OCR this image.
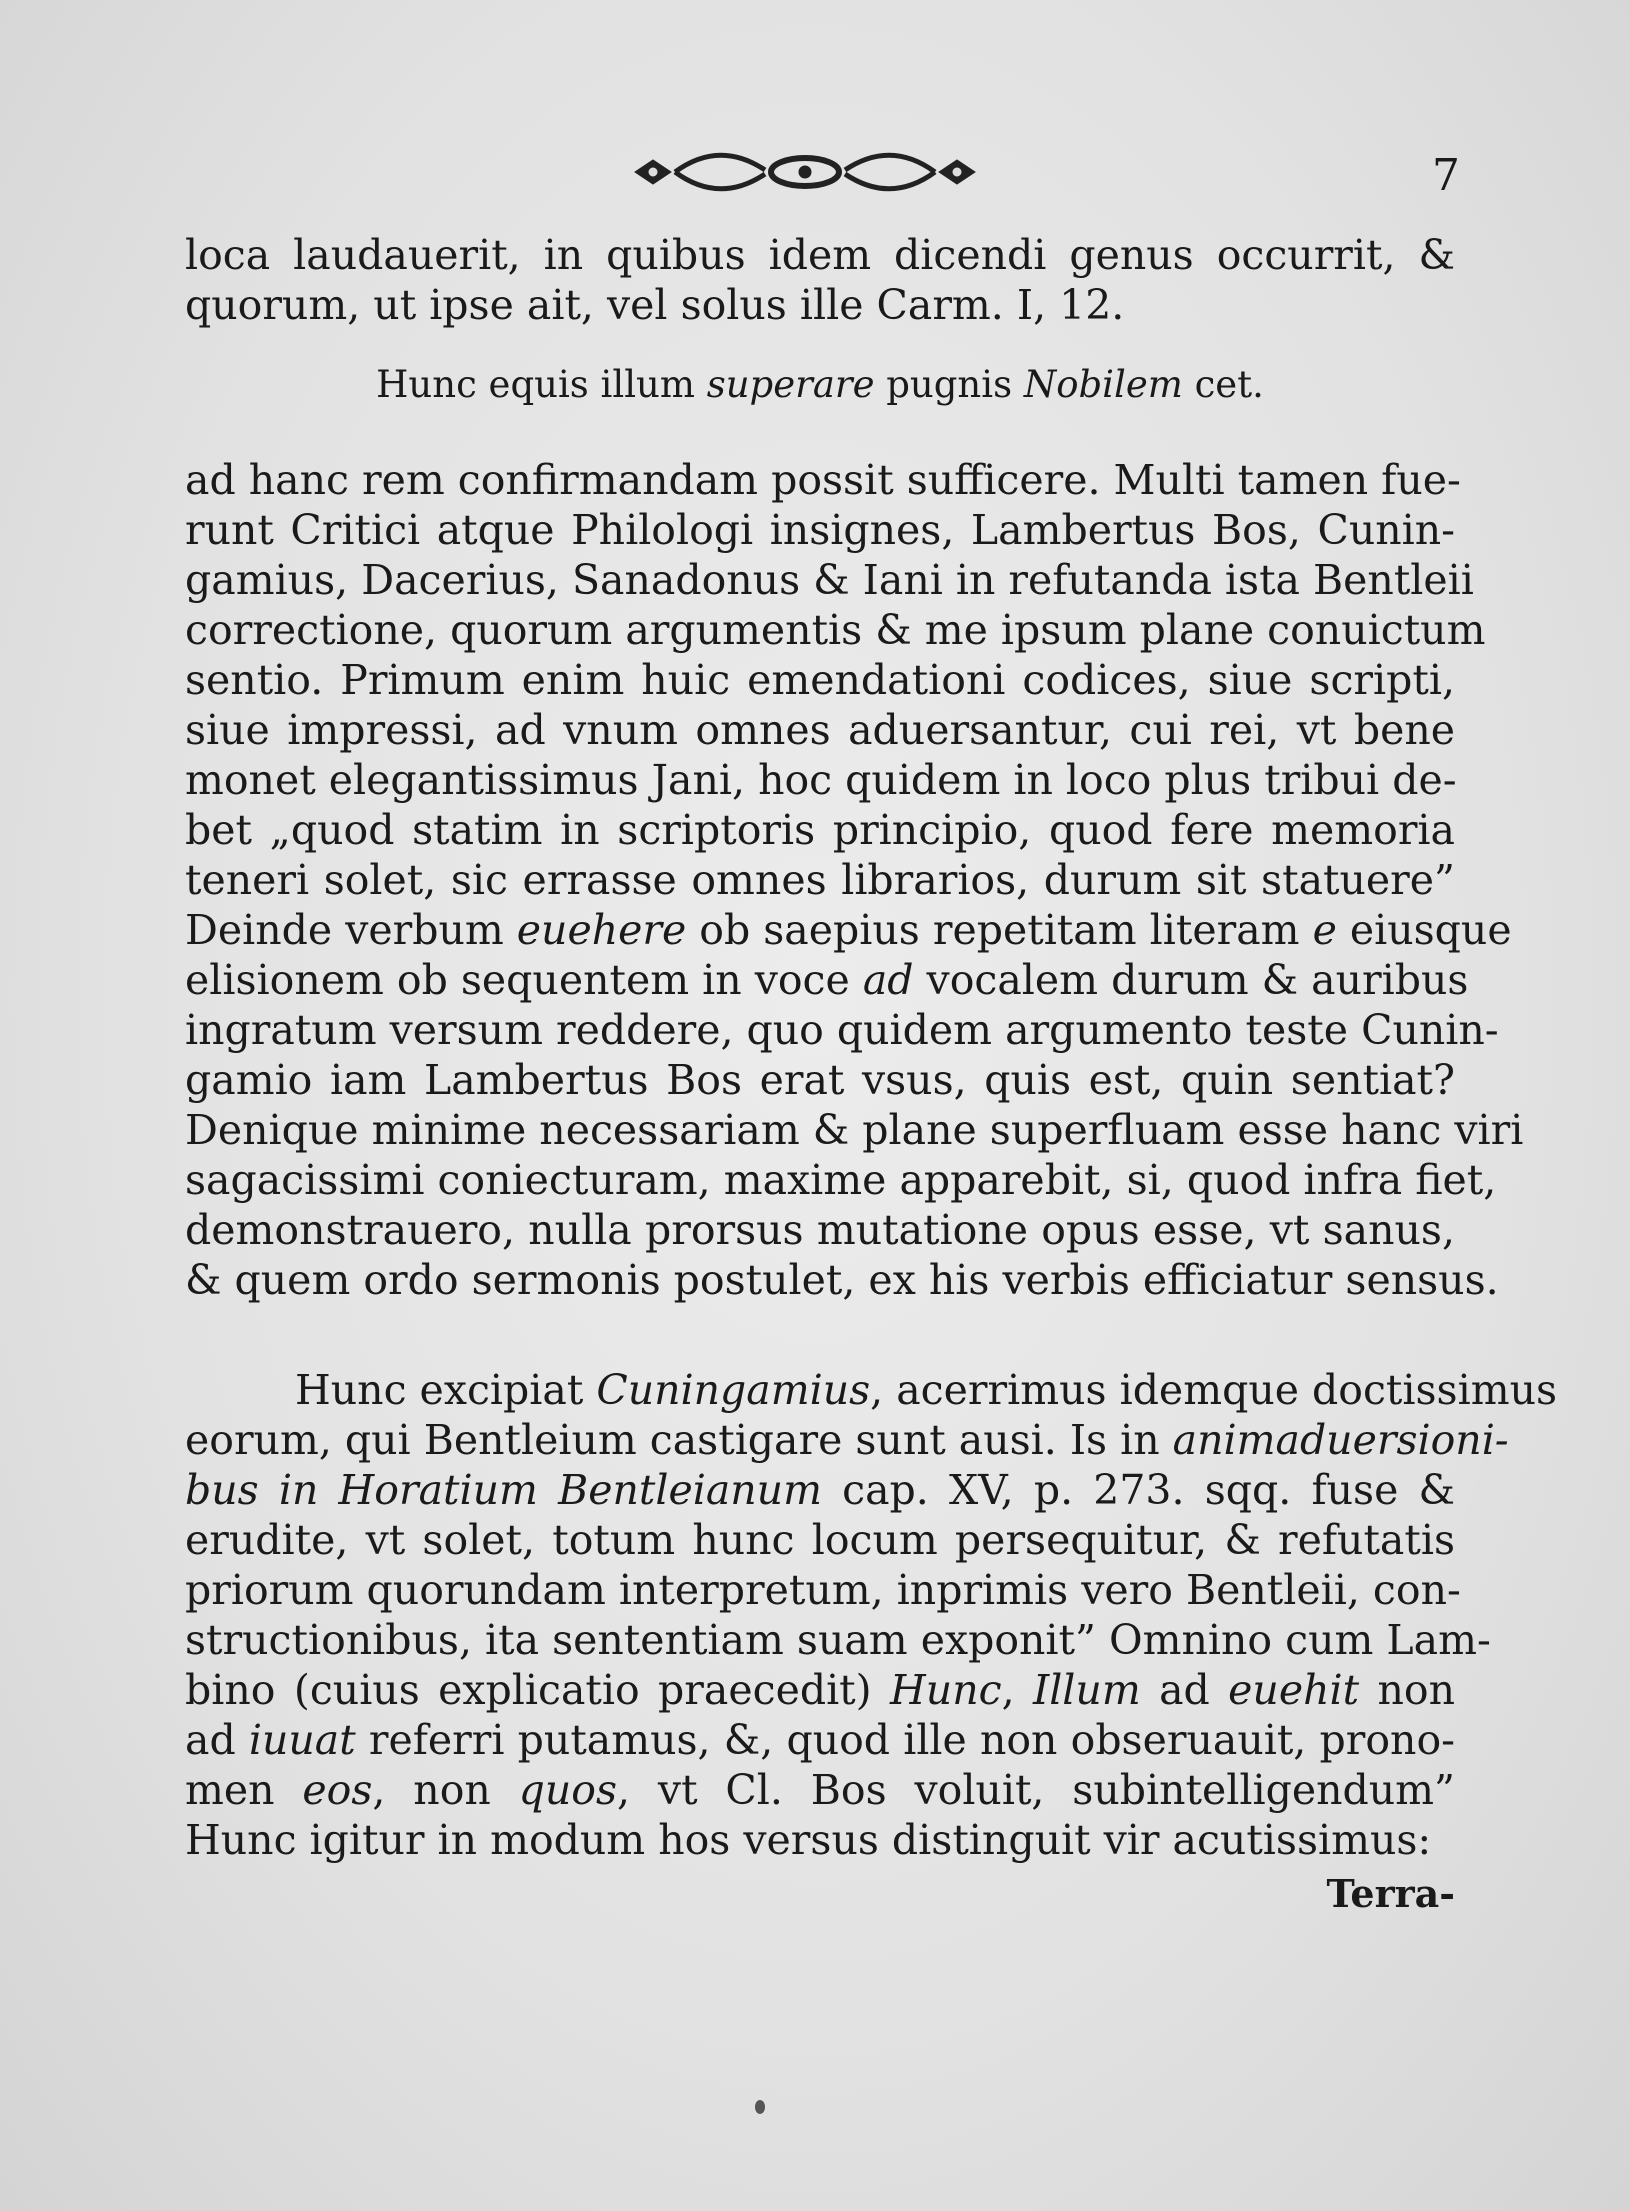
7
loca laudauerit, in quibus idem dicendi genus occurrit, &
quorum, ut ipse ait, vel solus ille Carm. I, 12.
Hunc equis illum superare pugnis Nobilem cet.
ad hanc rem confirmandam possit sufficere. Multi tamen fue-
runt Critici atque Philologi insignes, Lambertus Bos, Cunin-
gamius, Dacerius, Sanadonus & Iani in refutanda ista Bentleii
correctione, quorum argumentis & me ipsum plane conuictum
sentio. Primum enim huic emendationi codices, siue scripti,
siue impressi, ad vnum omnes aduersantur, cui rei, vt bene
monet elegantissimus Jani, hoc quidem in loco plus tribui de-
bet „quod statim in scriptoris principio, quod fere memoria
teneri solet, sic errasse omnes librarios, durum sit statuere”
Deinde verbum euehere ob saepius repetitam literam e eiusque
elisionem ob sequentem in voce ad vocalem durum & auribus
ingratum versum reddere, quo quidem argumento teste Cunin-
gamio iam Lambertus Bos erat vsus, quis est, quin sentiat?
Denique minime necessariam & plane superfluam esse hanc viri
sagacissimi coniecturam, maxime apparebit, si, quod infra fiet,
demonstrauero, nulla prorsus mutatione opus esse, vt sanus,
& quem ordo sermonis postulet, ex his verbis efficiatur sensus.
Hunc excipiat Cuningamius, acerrimus idemque doctissimus
eorum, qui Bentleium castigare sunt ausi. Is in animaduersioni-
bus in Horatium Bentleianum cap. XV, p. 273. sqq. fuse &
erudite, vt solet, totum hunc locum persequitur, & refutatis
priorum quorundam interpretum, inprimis vero Bentleii, con-
structionibus, ita sententiam suam exponit” Omnino cum Lam-
bino (cuius explicatio praecedit) Hunc, Illum ad euehit non
ad iuuat referri putamus, &, quod ille non obseruauit, prono-
men eos, non quos, vt Cl. Bos voluit, subintelligendum”
Hunc igitur in modum hos versus distinguit vir acutissimus:
Terra-
